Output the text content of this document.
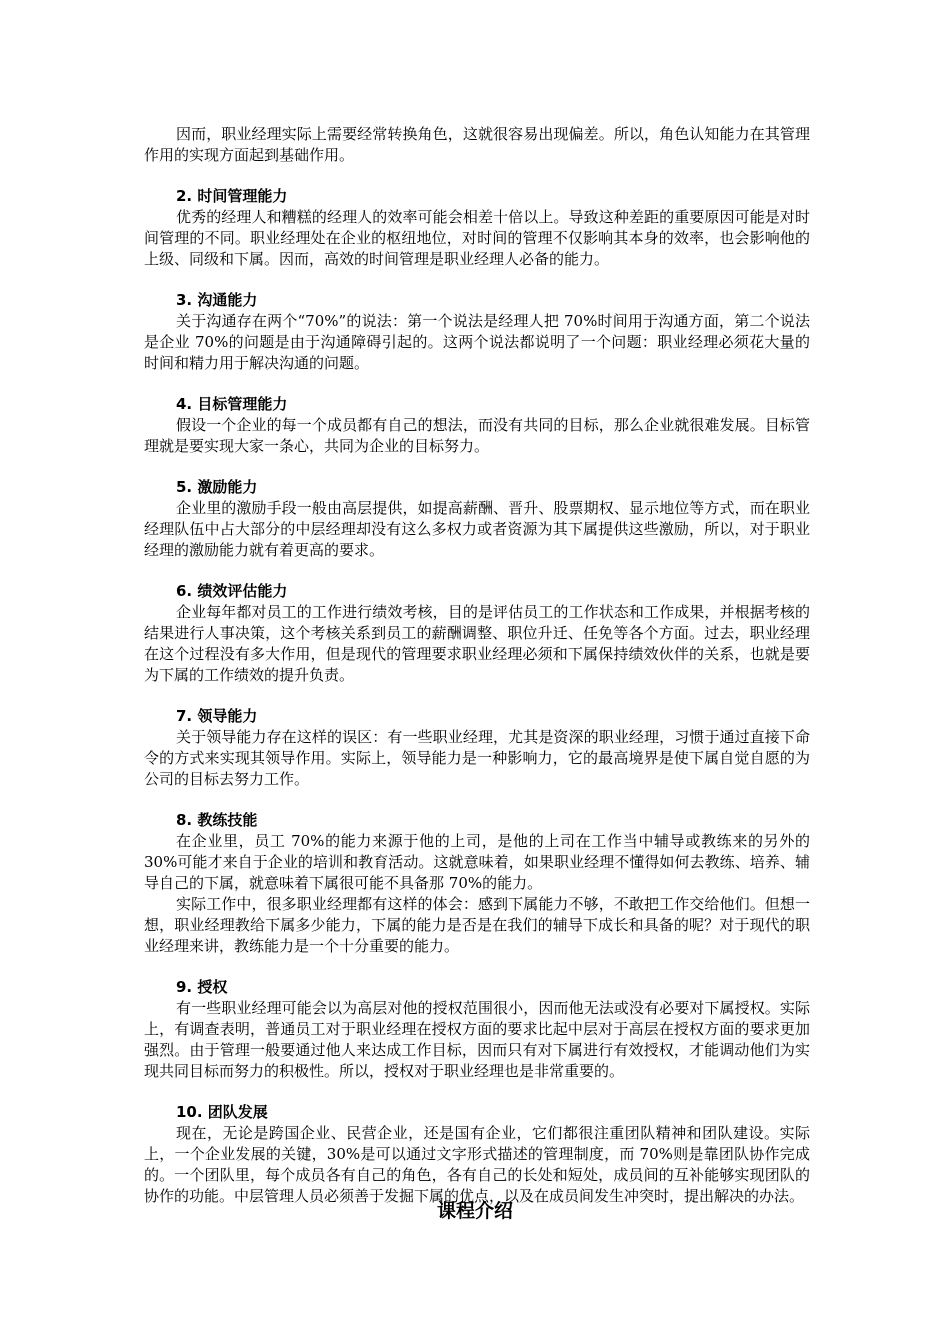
因而，职业经理实际上需要经常转换角色，这就很容易出现偏差。所以，角色认知能力在其管理作用的实现方面起到基础作用。

2. 时间管理能力

优秀的经理人和糟糕的经理人的效率可能会相差十倍以上。导致这种差距的重要原因可能是对时间管理的不同。职业经理处在企业的枢纽地位，对时间的管理不仅影响其本身的效率，也会影响他的上级、同级和下属。因而，高效的时间管理是职业经理人必备的能力。

3. 沟通能力

关于沟通存在两个“70%”的说法：第一个说法是经理人把 70%时间用于沟通方面，第二个说法是企业 70%的问题是由于沟通障碍引起的。这两个说法都说明了一个问题：职业经理必须花大量的时间和精力用于解决沟通的问题。

4. 目标管理能力

假设一个企业的每一个成员都有自己的想法，而没有共同的目标，那么企业就很难发展。目标管理就是要实现大家一条心，共同为企业的目标努力。

5. 激励能力

企业里的激励手段一般由高层提供，如提高薪酬、晋升、股票期权、显示地位等方式，而在职业经理队伍中占大部分的中层经理却没有这么多权力或者资源为其下属提供这些激励，所以，对于职业经理的激励能力就有着更高的要求。

6. 绩效评估能力

企业每年都对员工的工作进行绩效考核，目的是评估员工的工作状态和工作成果，并根据考核的结果进行人事决策，这个考核关系到员工的薪酬调整、职位升迁、任免等各个方面。过去，职业经理在这个过程没有多大作用，但是现代的管理要求职业经理必须和下属保持绩效伙伴的关系，也就是要为下属的工作绩效的提升负责。

7. 领导能力

关于领导能力存在这样的误区：有一些职业经理，尤其是资深的职业经理，习惯于通过直接下命令的方式来实现其领导作用。实际上，领导能力是一种影响力，它的最高境界是使下属自觉自愿的为公司的目标去努力工作。

8. 教练技能

在企业里，员工 70%的能力来源于他的上司，是他的上司在工作当中辅导或教练来的另外的 30%可能才来自于企业的培训和教育活动。这就意味着，如果职业经理不懂得如何去教练、培养、辅导自己的下属，就意味着下属很可能不具备那 70%的能力。

实际工作中，很多职业经理都有这样的体会：感到下属能力不够，不敢把工作交给他们。但想一想，职业经理教给下属多少能力，下属的能力是否是在我们的辅导下成长和具备的呢？对于现代的职业经理来讲，教练能力是一个十分重要的能力。

9. 授权

有一些职业经理可能会以为高层对他的授权范围很小，因而他无法或没有必要对下属授权。实际上，有调查表明，普通员工对于职业经理在授权方面的要求比起中层对于高层在授权方面的要求更加强烈。由于管理一般要通过他人来达成工作目标，因而只有对下属进行有效授权，才能调动他们为实现共同目标而努力的积极性。所以，授权对于职业经理也是非常重要的。

10. 团队发展

现在，无论是跨国企业、民营企业，还是国有企业，它们都很注重团队精神和团队建设。实际上，一个企业发展的关键，30%是可以通过文字形式描述的管理制度，而 70%则是靠团队协作完成的。一个团队里，每个成员各有自己的角色，各有自己的长处和短处，成员间的互补能够实现团队的协作的功能。中层管理人员必须善于发掘下属的优点，以及在成员间发生冲突时，提出解决的办法。

课程介绍
